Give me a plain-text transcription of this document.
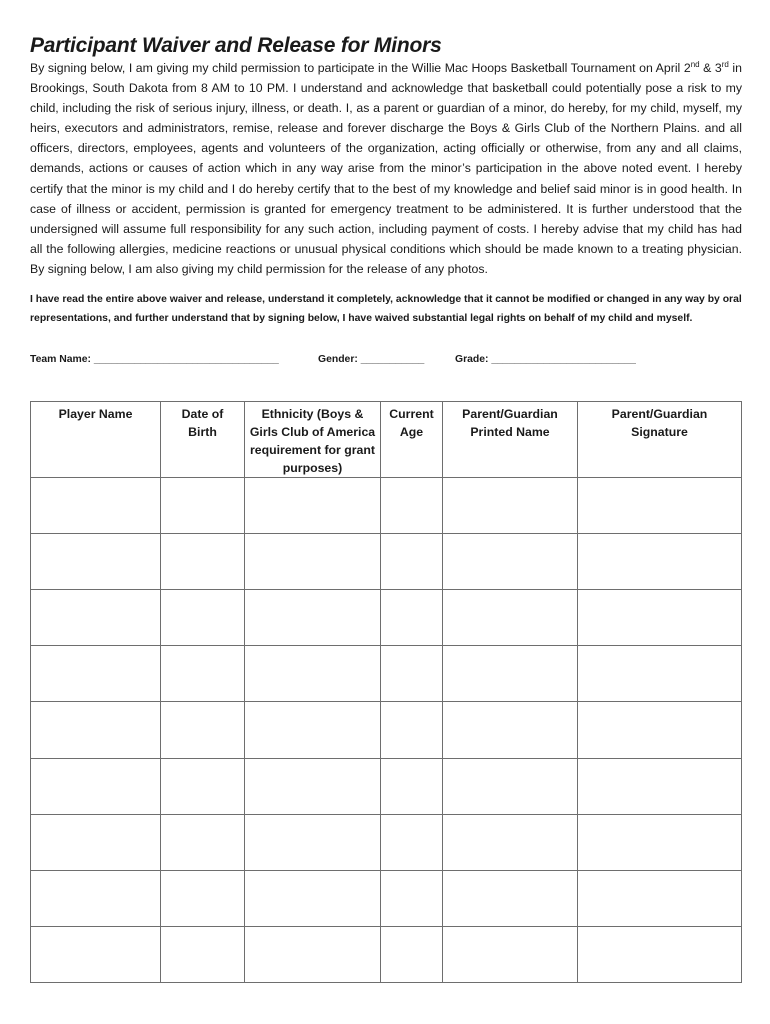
Participant Waiver and Release for Minors

By signing below, I am giving my child permission to participate in the Willie Mac Hoops Basketball Tournament on April 2nd & 3rd in Brookings, South Dakota from 8 AM to 10 PM. I understand and acknowledge that basketball could potentially pose a risk to my child, including the risk of serious injury, illness, or death. I, as a parent or guardian of a minor, do hereby, for my child, myself, my heirs, executors and administrators, remise, release and forever discharge the Boys & Girls Club of the Northern Plains. and all officers, directors, employees, agents and volunteers of the organization, acting officially or otherwise, from any and all claims, demands, actions or causes of action which in any way arise from the minor’s participation in the above noted event. I hereby certify that the minor is my child and I do hereby certify that to the best of my knowledge and belief said minor is in good health. In case of illness or accident, permission is granted for emergency treatment to be administered. It is further understood that the undersigned will assume full responsibility for any such action, including payment of costs. I hereby advise that my child has had all the following allergies, medicine reactions or unusual physical conditions which should be made known to a treating physician. By signing below, I am also giving my child permission for the release of any photos.

I have read the entire above waiver and release, understand it completely, acknowledge that it cannot be modified or changed in any way by oral representations, and further understand that by signing below, I have waived substantial legal rights on behalf of my child and myself.

Team Name: ________________________________	Gender: ___________	Grade: _________________________
Player Name	Date of Birth	Ethnicity (Boys & Girls Club of America requirement for grant purposes)	Current Age	Parent/Guardian Printed Name	Parent/Guardian Signature
